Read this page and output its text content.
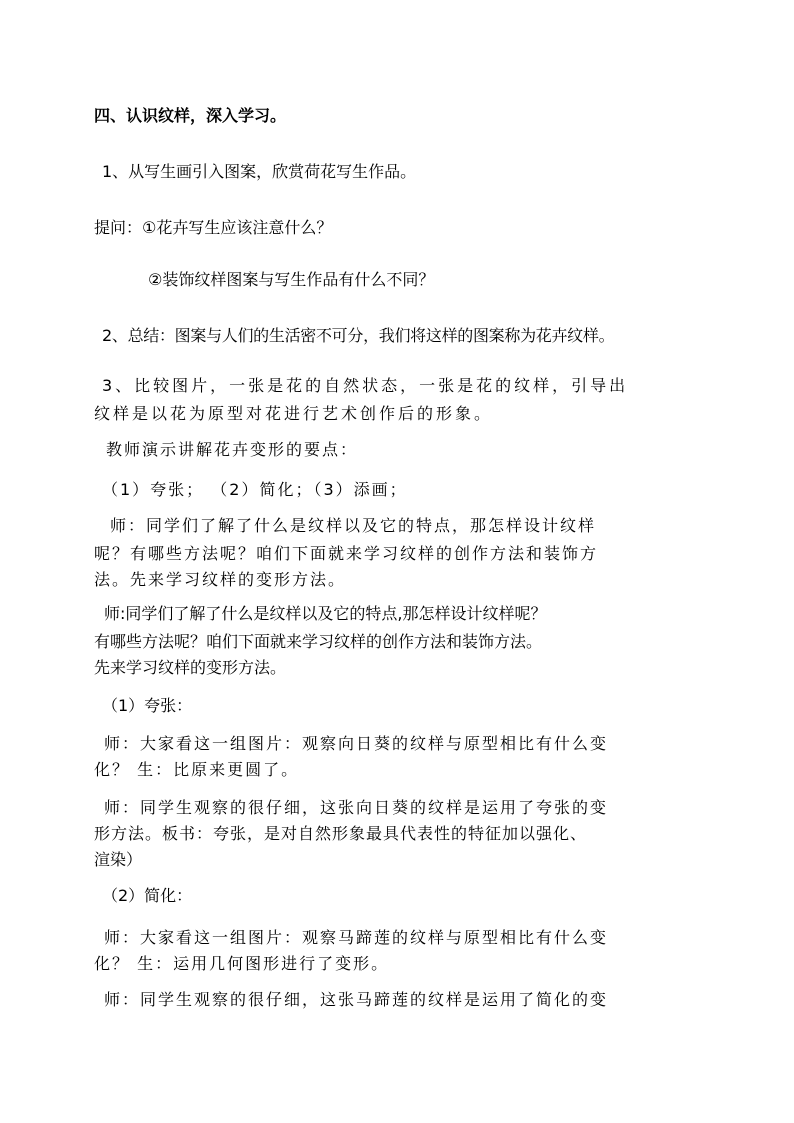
四、认识纹样，深入学习。

1、从写生画引入图案，欣赏荷花写生作品。

提问：①花卉写生应该注意什么？

②装饰纹样图案与写生作品有什么不同？

2、总结：图案与人们的生活密不可分，我们将这样的图案称为花卉纹样。

3、比较图片，一张是花的自然状态，一张是花的纹样，引导出

纹样是以花为原型对花进行艺术创作后的形象。

教师演示讲解花卉变形的要点：

（1）夸张； （2）简化；（3）添画；

师：同学们了解了什么是纹样以及它的特点，那怎样设计纹样

呢？有哪些方法呢？咱们下面就来学习纹样的创作方法和装饰方

法。先来学习纹样的变形方法。

师:同学们了解了什么是纹样以及它的特点,那怎样设计纹样呢？

有哪些方法呢？咱们下面就来学习纹样的创作方法和装饰方法。

先来学习纹样的变形方法。

（1）夸张：

师：大家看这一组图片：观察向日葵的纹样与原型相比有什么变

化？ 生：比原来更圆了。

师：同学生观察的很仔细，这张向日葵的纹样是运用了夸张的变

形方法。板书：夸张，是对自然形象最具代表性的特征加以强化、

渲染）

（2）简化：

师：大家看这一组图片：观察马蹄莲的纹样与原型相比有什么变

化？ 生：运用几何图形进行了变形。

师：同学生观察的很仔细，这张马蹄莲的纹样是运用了简化的变
